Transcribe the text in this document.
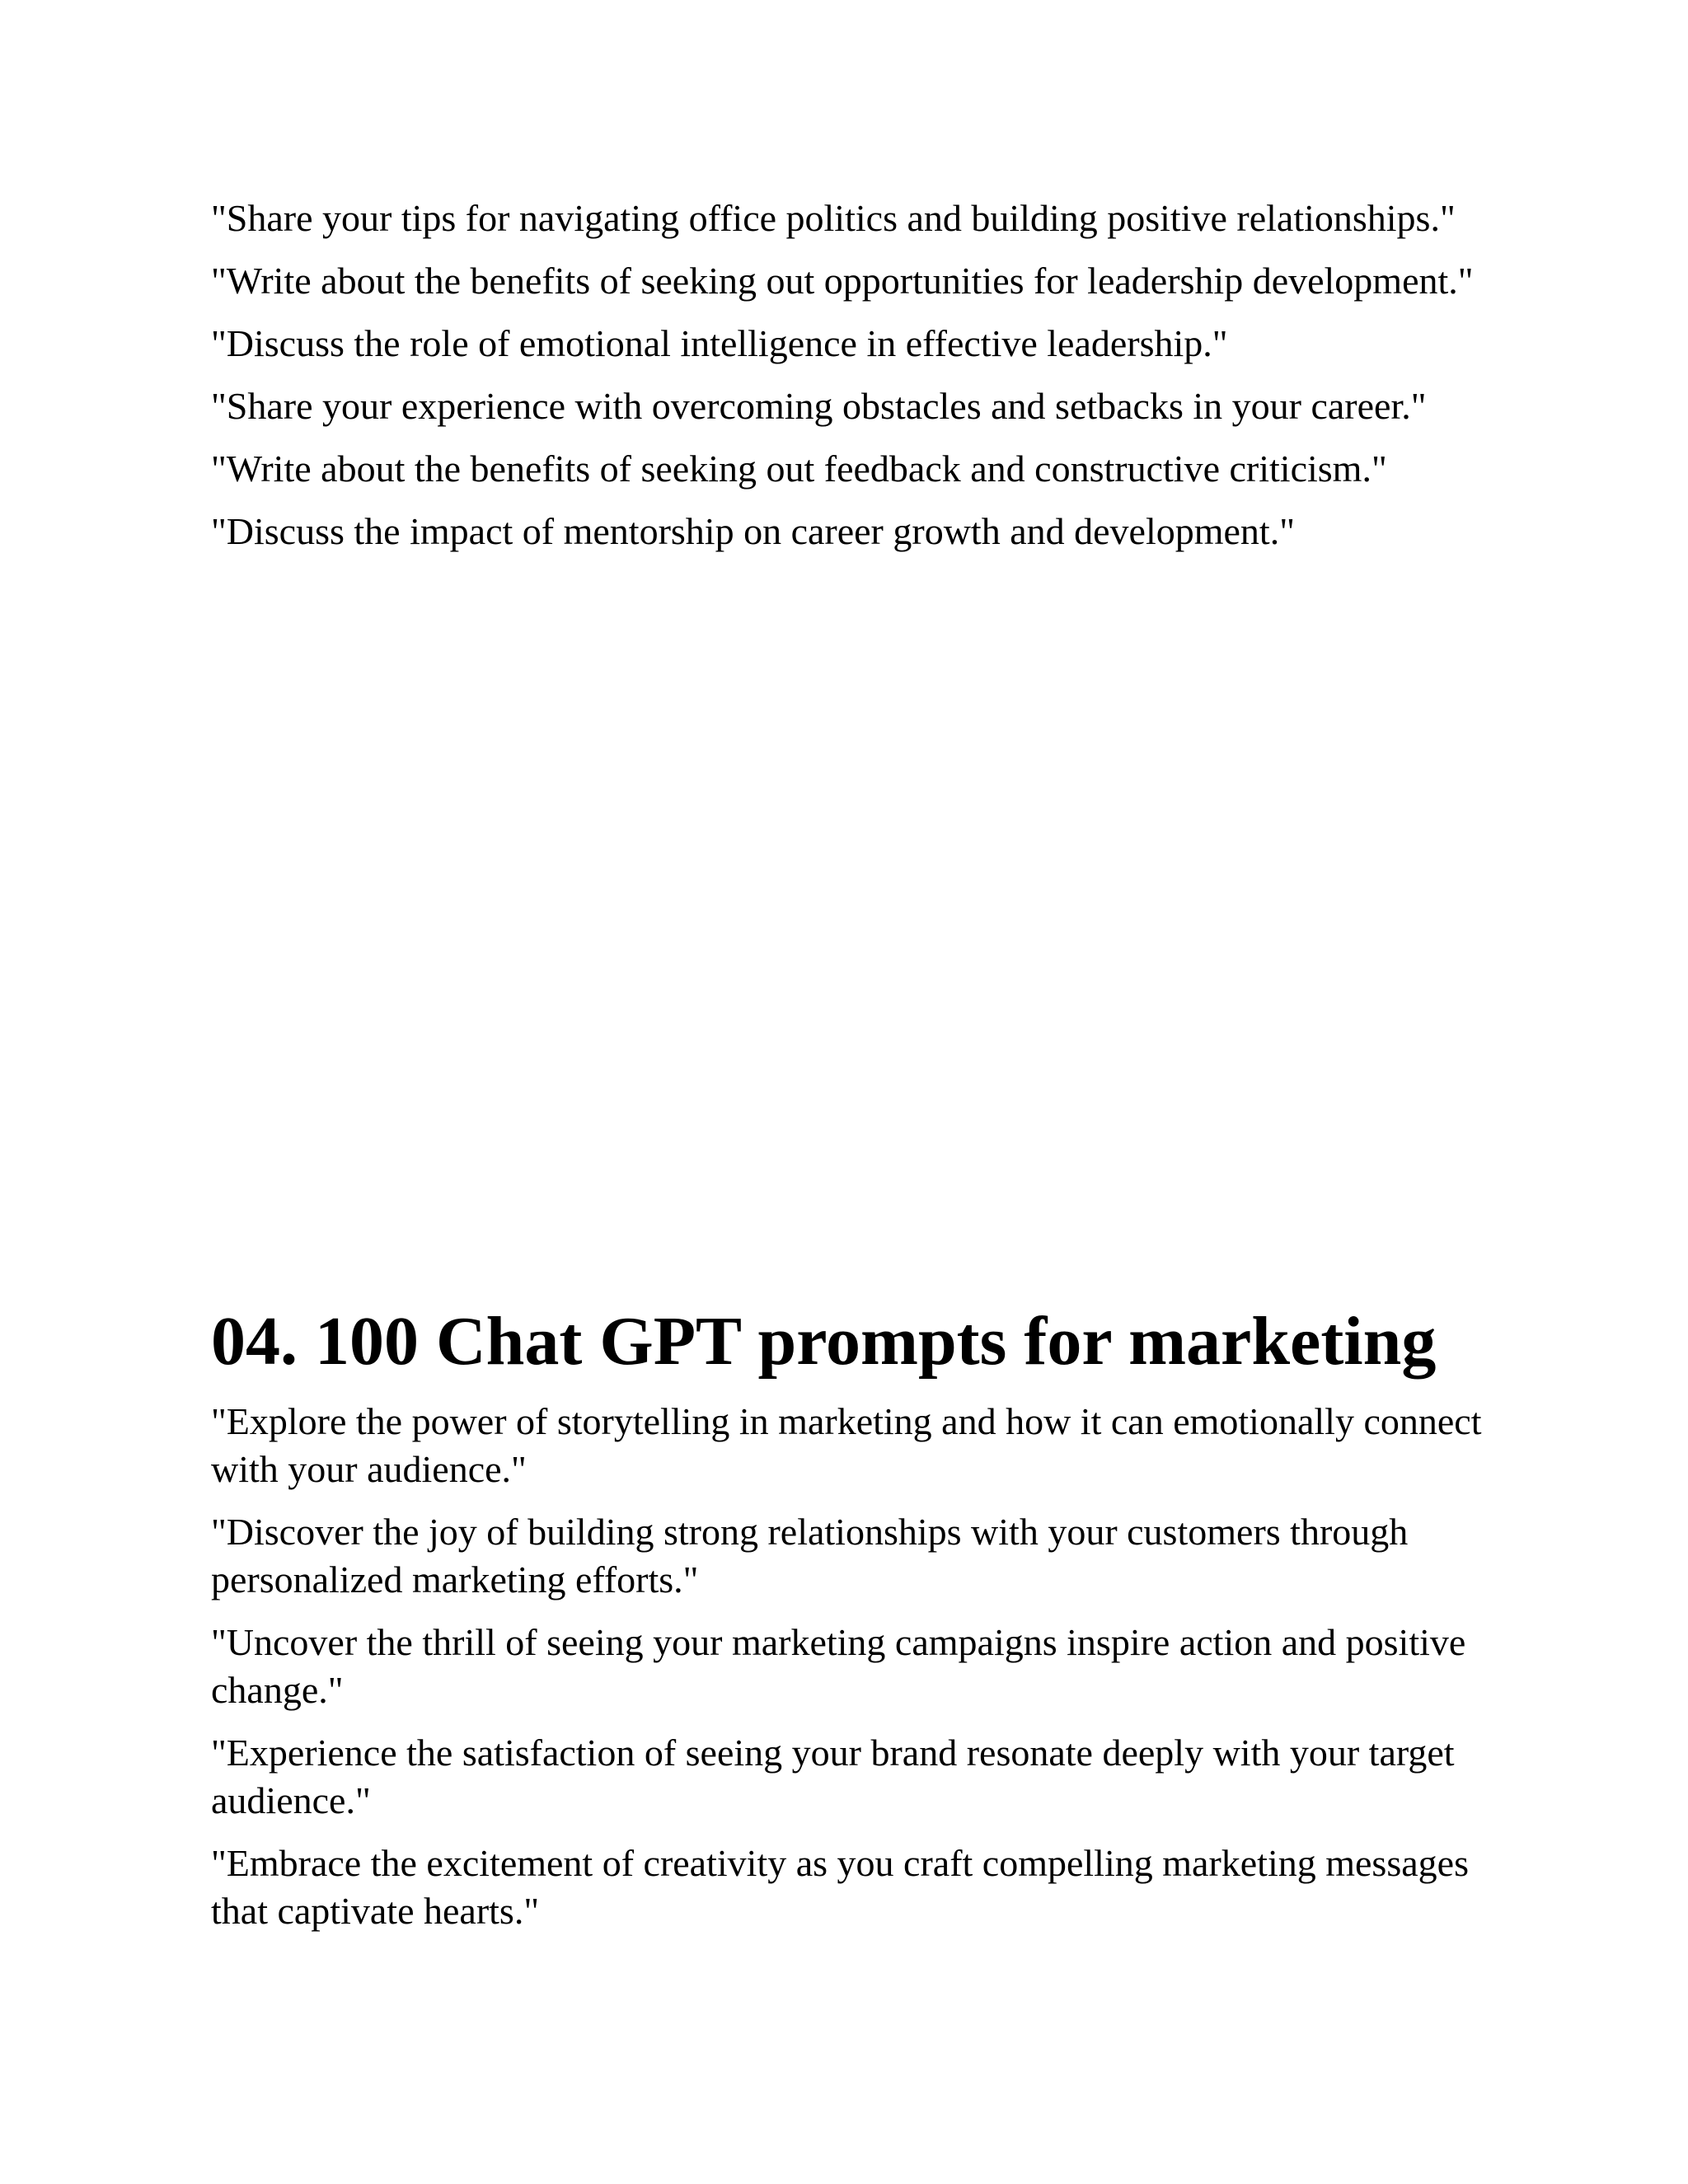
"Share your tips for navigating office politics and building positive relationships."

"Write about the benefits of seeking out opportunities for leadership development."

"Discuss the role of emotional intelligence in effective leadership."

"Share your experience with overcoming obstacles and setbacks in your career."

"Write about the benefits of seeking out feedback and constructive criticism."

"Discuss the impact of mentorship on career growth and development."

04. 100 Chat GPT prompts for marketing

"Explore the power of storytelling in marketing and how it can emotionally connect with your audience."

"Discover the joy of building strong relationships with your customers through personalized marketing efforts."

"Uncover the thrill of seeing your marketing campaigns inspire action and positive change."

"Experience the satisfaction of seeing your brand resonate deeply with your target audience."

"Embrace the excitement of creativity as you craft compelling marketing messages that captivate hearts."
